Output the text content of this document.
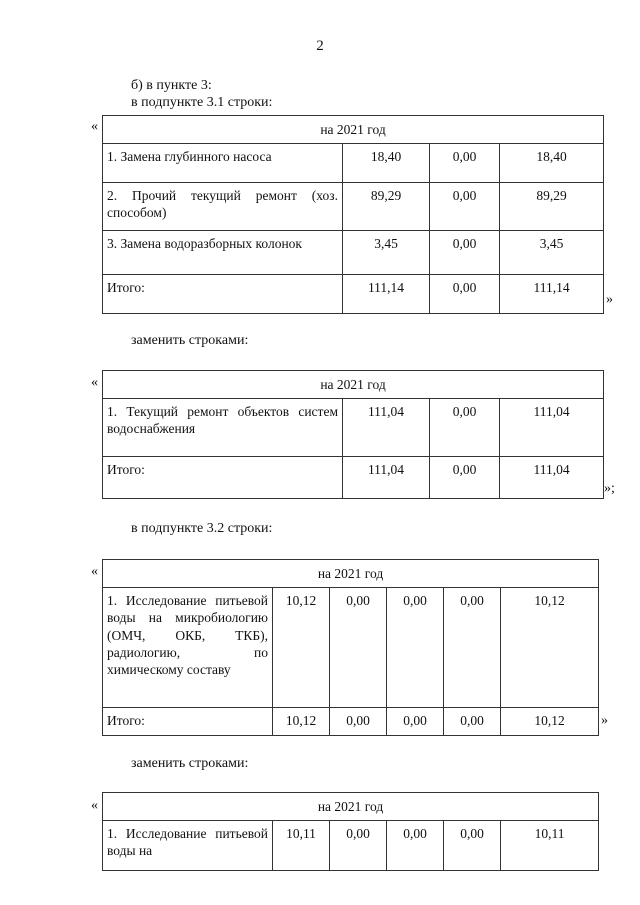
2
б) в пункте 3:
в подпункте 3.1 строки:
«	на 2021 год			
1. Замена глубинного насоса	18,40	0,00	18,40
2. Прочий текущий ремонт (хоз. способом)	89,29	0,00	89,29
3. Замена водоразборных колонок	3,45	0,00	3,45
Итого:	111,14	0,00	111,14
»
заменить строками:
«	на 2021 год			
1. Текущий ремонт объектов систем водоснабжения	111,04	0,00	111,04
Итого:	111,04	0,00	111,04
»;
в подпункте 3.2 строки:
«	на 2021 год					
1. Исследование питьевой воды на микробиологию (ОМЧ, ОКБ, ТКБ), радиологию, по химическому составу	10,12	0,00	0,00	0,00	10,12
Итого:	10,12	0,00	0,00	0,00	10,12	»
заменить строками:
«	на 2021 год
1. Исследование питьевой воды на	10,11	0,00	0,00	0,00	10,11
